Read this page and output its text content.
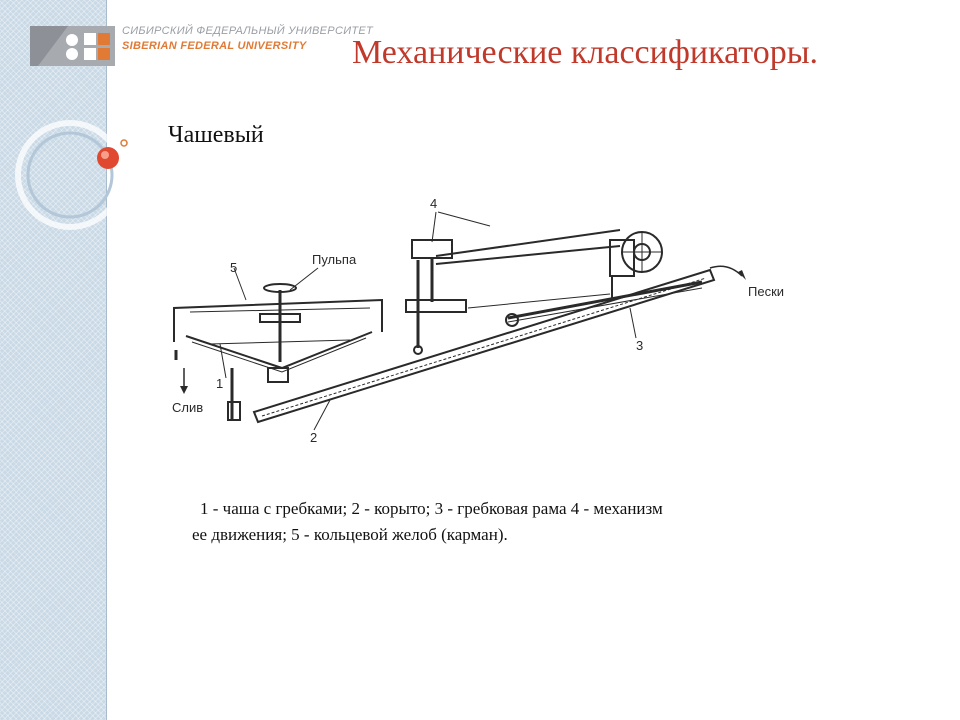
СИБИРСКИЙ ФЕДЕРАЛЬНЫЙ УНИВЕРСИТЕТ
SIBERIAN FEDERAL UNIVERSITY Механические классификаторы.
Чашевый
5
Пульпа
4
3
1
2
Слив
Пески
1 - чаша с гребками; 2 - корыто; 3 - гребковая рама 4 - механизм
ее движения; 5 - кольцевой желоб (карман).
